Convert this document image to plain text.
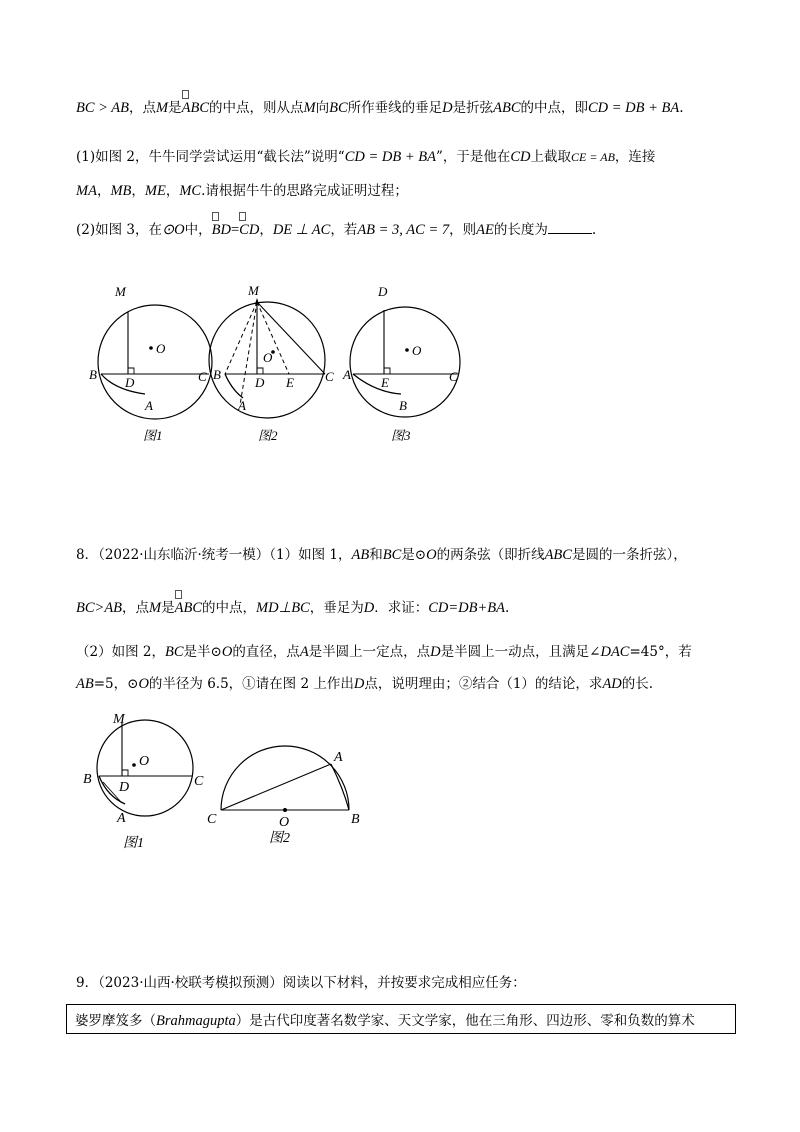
BC > AB，点M是
ABC的中点，则从点M向BC所作垂线的垂足D是折弦ABC的中点，即CD = DB + BA.
(1)如图 2，牛牛同学尝试运用“截长法”说明“CD = DB + BA”，于是他在CD上截取CE = AB，连接
MA，MB，ME，MC.请根据牛牛的思路完成证明过程；
(2)如图 3，在⊙O中，
BD=
CD，DE ⊥ AC，若AB = 3, AC = 7，则AE的长度为	.
M
O
B
D	C
A
图1
M
O
B
D E C
A
图2
D
O
A
E	C
B
图3
8．（2022·山东临沂·统考一模）（1）如图 1，AB和BC是⊙O的两条弦（即折线ABC是圆的一条折弦），
BC>AB，点M是
ABC的中点，MD⊥BC，垂足为D．求证：CD=DB+BA.
（2）如图 2，BC是半⊙O的直径，点A是半圆上一定点，点D是半圆上一动点，且满足∠DAC=45°，若
AB=5，⊙O的半径为 6.5，①请在图 2 上作出D点，说明理由；②结合（1）的结论，求AD的长.
M
O
B
D	C
A
图1
A
C	O	B
图2
9．（2023·山西·校联考模拟预测）阅读以下材料，并按要求完成相应任务：
婆罗摩笈多（Brahmagupta）是古代印度著名数学家、天文学家，他在三角形、四边形、零和负数的算术
